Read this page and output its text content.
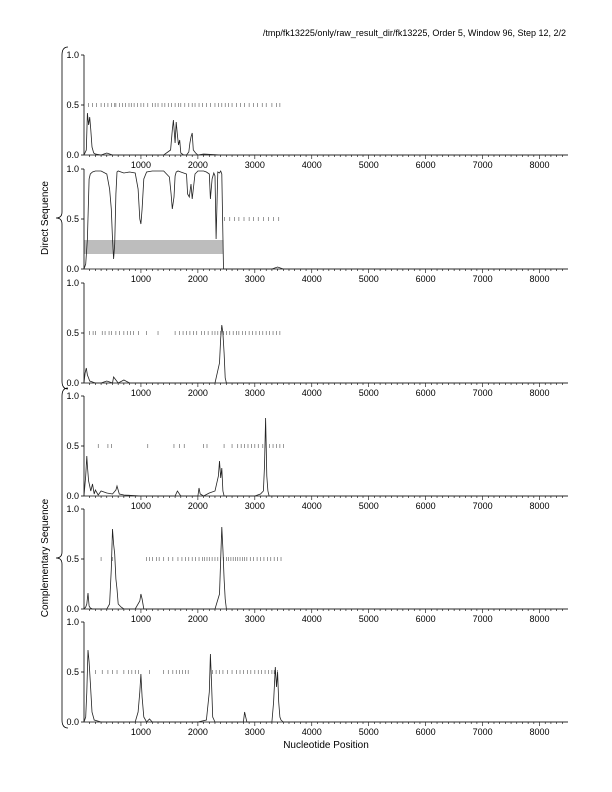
/tmp/fk13225/only/raw_result_dir/fk13225, Order 5, Window 96, Step 12, 2/2
0.0
0.5
1.0
1000	2000	3000	4000	5000	6000	7000	8000
0.0
0.5
1.0
1000	2000	3000	4000	5000	6000	7000	8000
0.0
0.5
1.0
1000	2000	3000	4000	5000	6000	7000	8000
0.0
0.5
1.0
1000	2000	3000	4000	5000	6000	7000	8000
0.0
0.5
1.0
1000	2000	3000	4000	5000	6000	7000	8000
0.0
0.5
1.0
1000	2000	3000	4000	5000	6000	7000	8000
Direct Sequence
Complementary Sequence
Nucleotide Position
